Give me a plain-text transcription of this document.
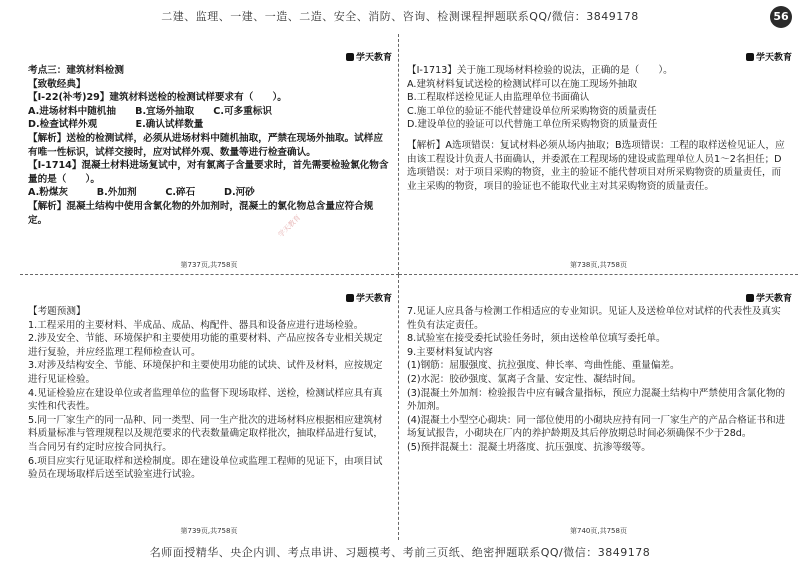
二建、监理、一建、一造、二造、安全、消防、咨询、检测课程押题联系QQ/微信：3849178	56
学天教育

考点三：建筑材料检测

【致敬经典】

【Ⅰ-22(补考)29】建筑材料送检的检测试样要求有（　　）。

A.进场材料中随机抽　　B.宜场外抽取　　C.可多重标识

D.检查试样外观　　　　E.确认试样数量

【解析】送检的检测试样，必须从进场材料中随机抽取，严禁在现场外抽取。试样应有唯一性标识，试样交接时，应对试样外观、数量等进行检查确认。

【Ⅰ-1714】混凝土材料进场复试中，对有氯离子含量要求时，首先需要检验氯化物含量的是（　　）。

A.粉煤灰　　　B.外加剂　　　C.碎石　　　D.河砂

【解析】混凝土结构中使用含氯化物的外加剂时，混凝土的氯化物总含量应符合规定。	学天教育
第737页,共758页
学天教育

【Ⅰ-1713】关于施工现场材料检验的说法，正确的是（　　）。

A.建筑材料复试送检的检测试样可以在施工现场外抽取

B.工程取样送检见证人由监理单位书面确认

C.施工单位的验证不能代替建设单位所采购物资的质量责任

D.建设单位的验证可以代替施工单位所采购物资的质量责任

【解析】A选项错误：复试材料必须从场内抽取；B选项错误：工程的取样送检见证人，应由该工程设计负责人书面确认，并委派在工程现场的建设或监理单位人员1～2名担任；D选项错误：对于项目采购的物资，业主的验证不能代替项目对所采购物资的质量责任，而业主采购的物资，项目的验证也不能取代业主对其采购物资的质量责任。

第738页,共758页
学天教育

【考题预测】

1.工程采用的主要材料、半成品、成品、构配件、器具和设备应进行进场检验。

2.涉及安全、节能、环境保护和主要使用功能的重要材料、产品应按各专业相关规定进行复验，并应经监理工程师检查认可。

3.对涉及结构安全、节能、环境保护和主要使用功能的试块、试件及材料，应按规定进行见证检验。

4.见证检验应在建设单位或者监理单位的监督下现场取样、送检，检测试样应具有真实性和代表性。

5.同一厂家生产的同一品种、同一类型、同一生产批次的进场材料应根据相应建筑材料质量标准与管理规程以及规范要求的代表数量确定取样批次，抽取样品进行复试，当合同另有约定时应按合同执行。

6.项目应实行见证取样和送检制度。即在建设单位或监理工程师的见证下，由项目试验员在现场取样后送至试验室进行试验。

第739页,共758页
学天教育

7.见证人应具备与检测工作相适应的专业知识。见证人及送检单位对试样的代表性及真实性负有法定责任。

8.试验室在接受委托试验任务时，须由送检单位填写委托单。

9.主要材料复试内容

(1)钢筋：屈服强度、抗拉强度、伸长率、弯曲性能、重量偏差。

(2)水泥：胶砂强度、氯离子含量、安定性、凝结时间。

(3)混凝土外加剂：检验报告中应有碱含量指标，预应力混凝土结构中严禁使用含氯化物的外加剂。

(4)混凝土小型空心砌块：同一部位使用的小砌块应持有同一厂家生产的产品合格证书和进场复试报告，小砌块在厂内的养护龄期及其后停放期总时间必须确保不少于28d。

(5)预拌混凝土：混凝土坍落度、抗压强度、抗渗等级等。

第740页,共758页
名师面授精华、央企内训、考点串讲、习题模考、考前三页纸、绝密押题联系QQ/微信：3849178
